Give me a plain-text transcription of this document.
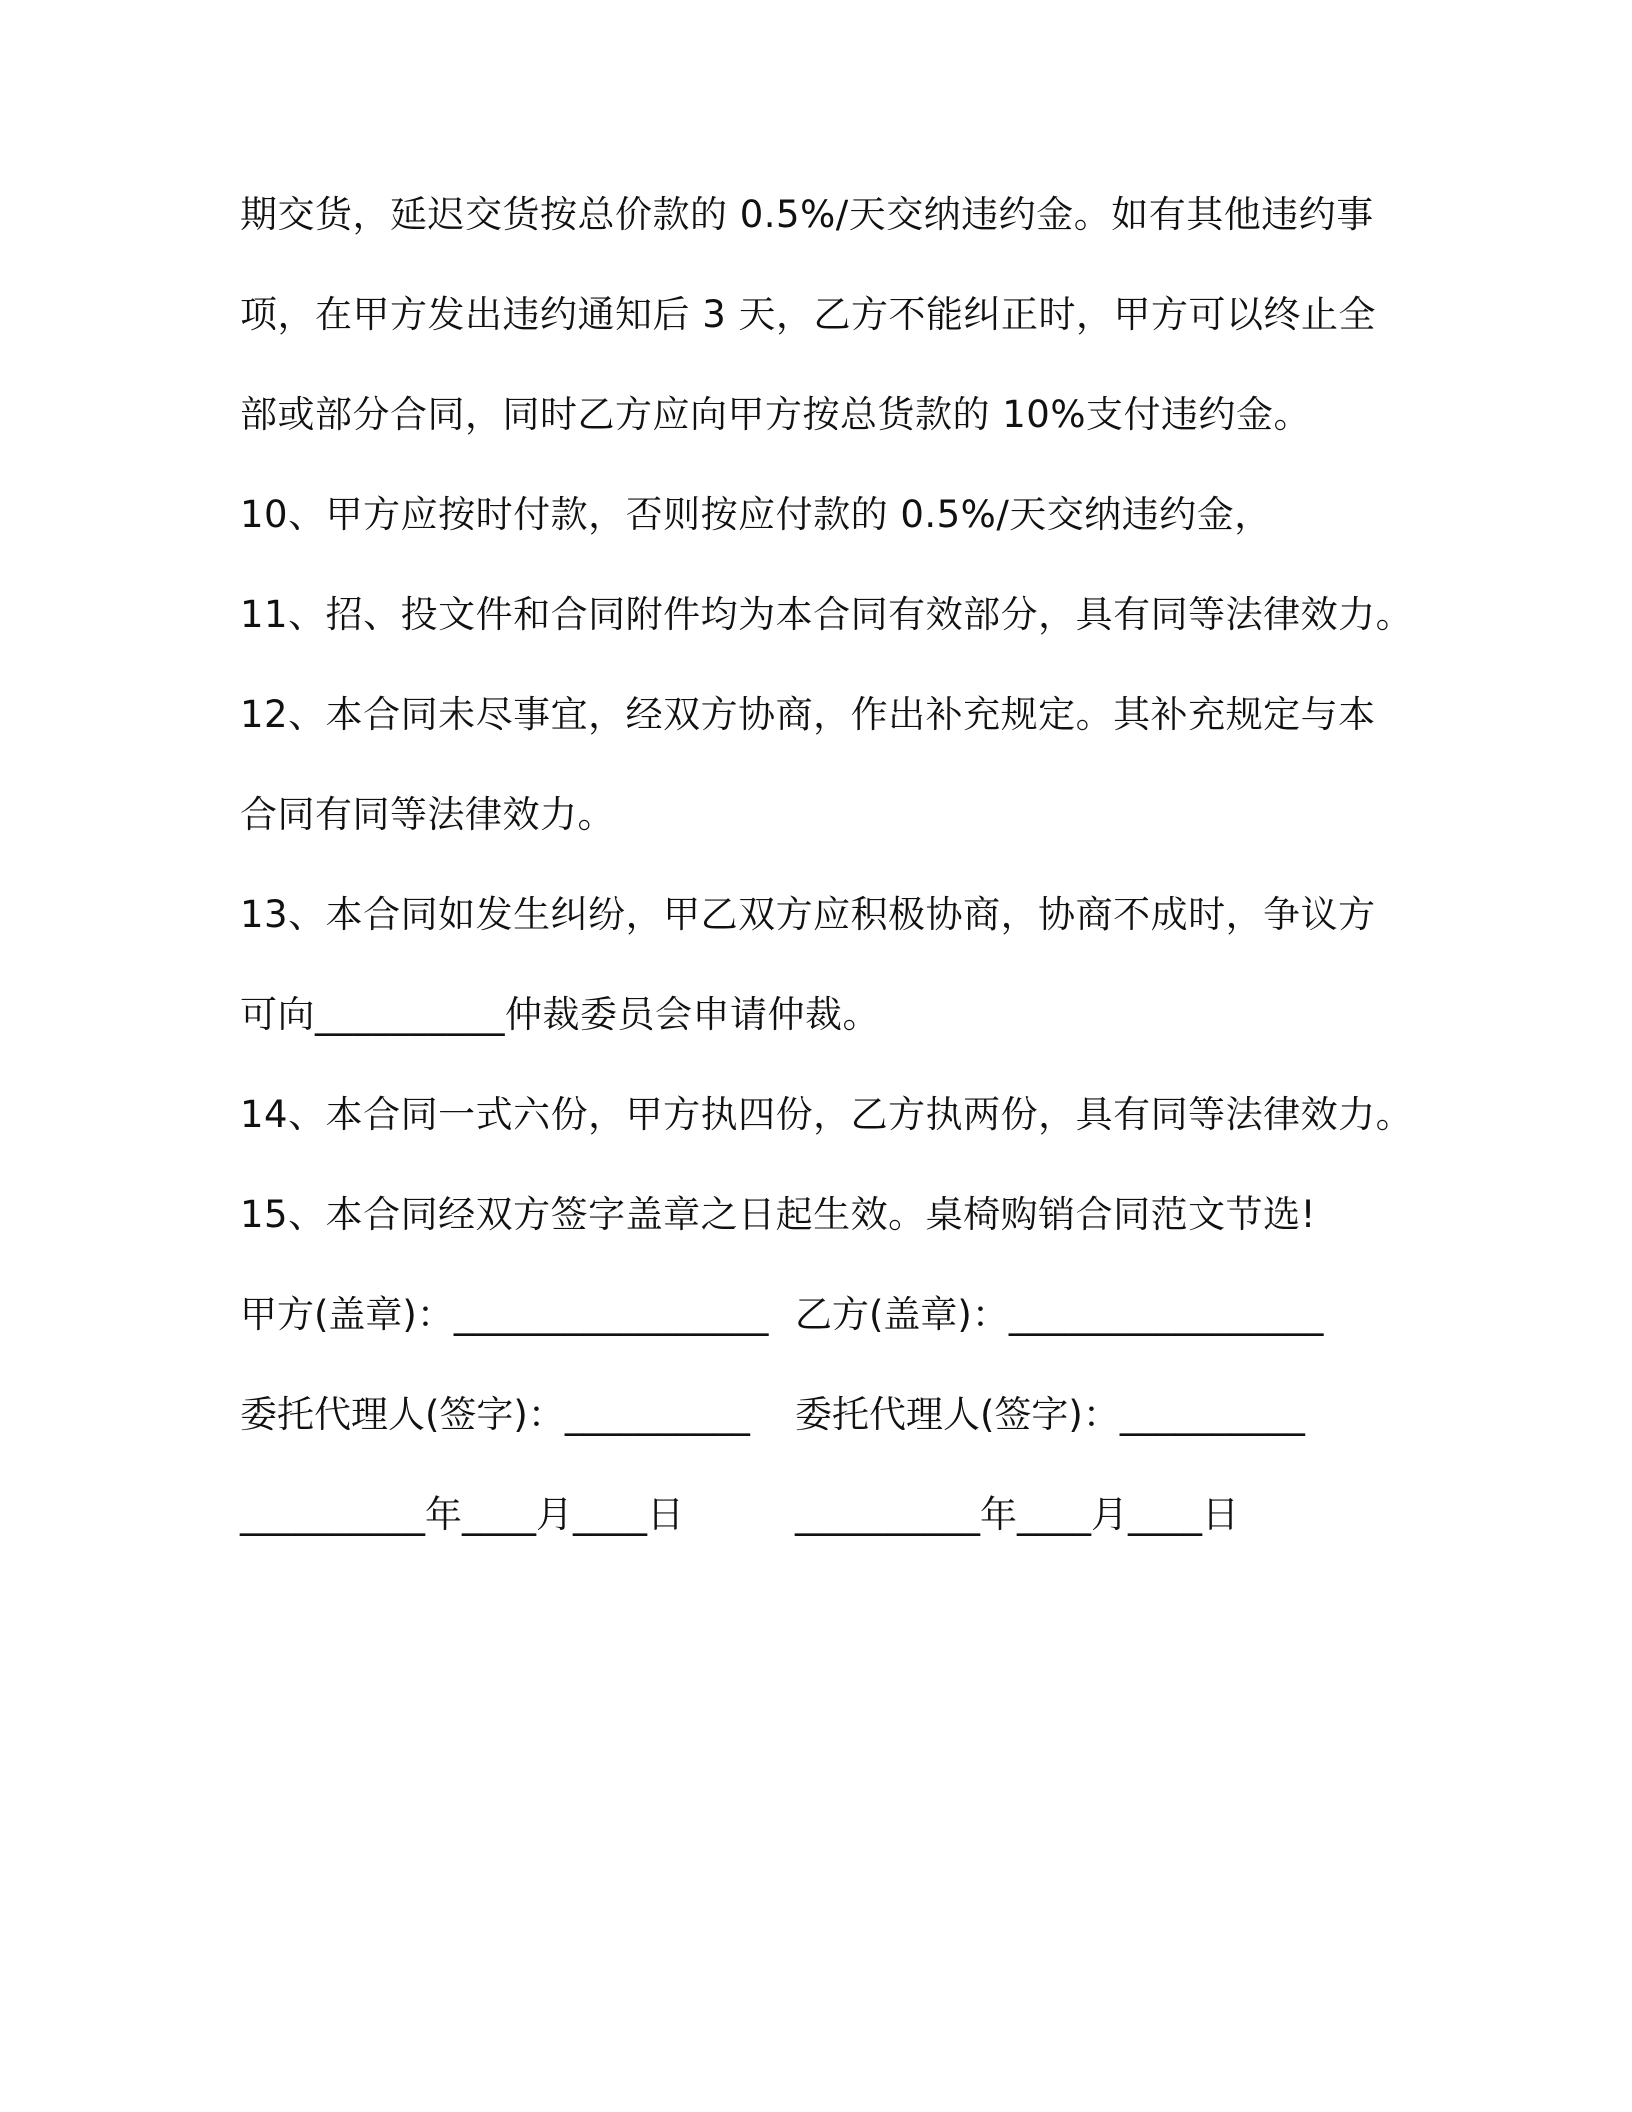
期交货，延迟交货按总价款的 0.5%/天交纳违约金。如有其他违约事
项，在甲方发出违约通知后 3 天，乙方不能纠正时，甲方可以终止全
部或部分合同，同时乙方应向甲方按总货款的 10%支付违约金。
10、甲方应按时付款，否则按应付款的 0.5%/天交纳违约金，
11、招、投文件和合同附件均为本合同有效部分，具有同等法律效力。
12、本合同未尽事宜，经双方协商，作出补充规定。其补充规定与本
合同有同等法律效力。
13、本合同如发生纠纷，甲乙双方应积极协商，协商不成时，争议方
可向__________仲裁委员会申请仲裁。
14、本合同一式六份，甲方执四份，乙方执两份，具有同等法律效力。
15、本合同经双方签字盖章之日起生效。桌椅购销合同范文节选!
甲方(盖章)：_________________ 乙方(盖章)：_________________
委托代理人(签字)：__________ 委托代理人(签字)：__________
__________年____月____日	__________年____月____日
